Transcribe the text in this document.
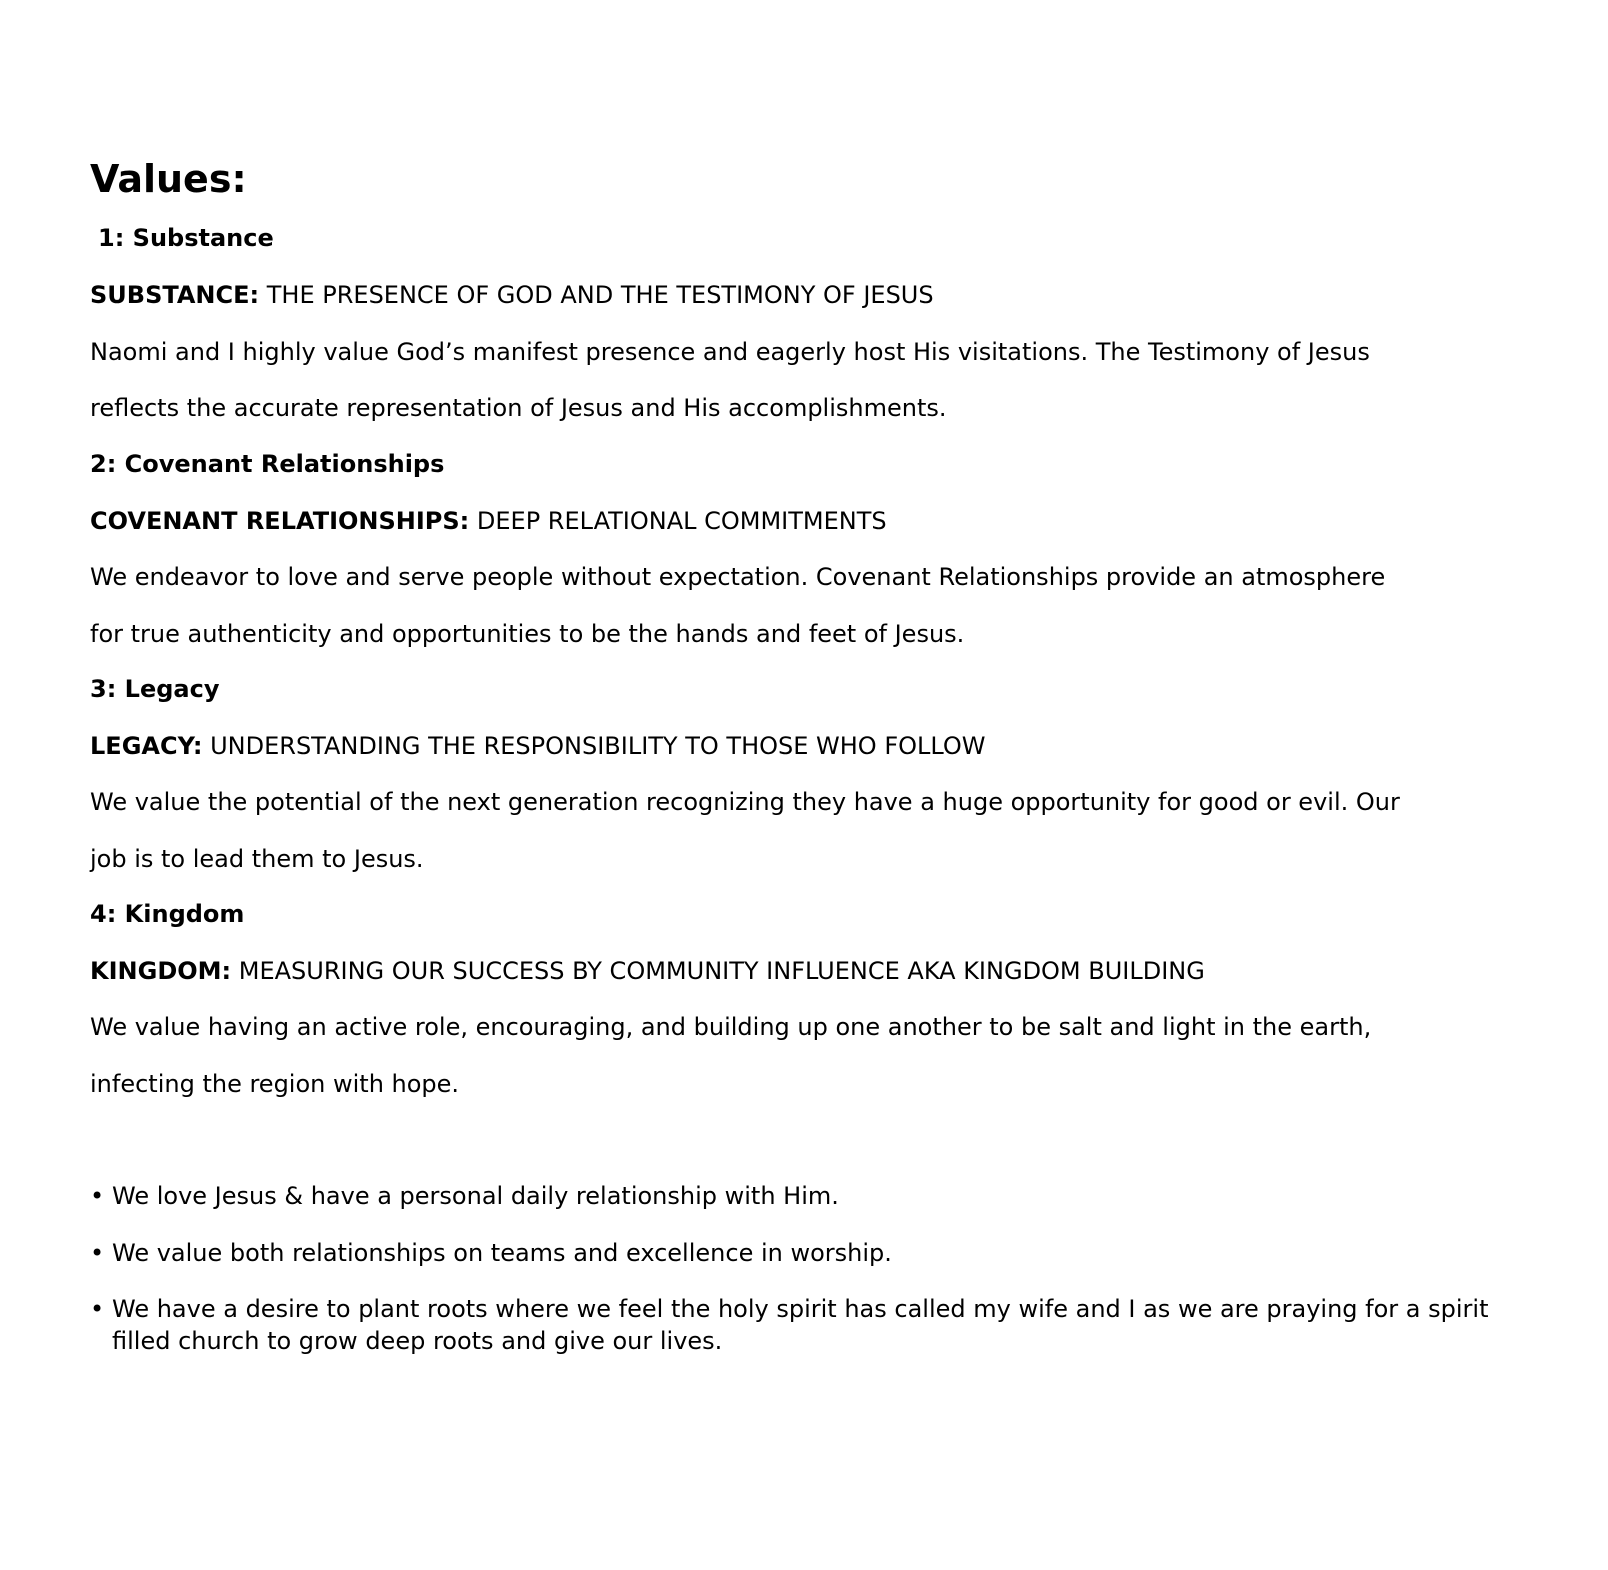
Values:

1: Substance

SUBSTANCE: THE PRESENCE OF GOD AND THE TESTIMONY OF JESUS

Naomi and I highly value God’s manifest presence and eagerly host His visitations. The Testimony of Jesus

reflects the accurate representation of Jesus and His accomplishments.

2: Covenant Relationships

COVENANT RELATIONSHIPS: DEEP RELATIONAL COMMITMENTS

We endeavor to love and serve people without expectation. Covenant Relationships provide an atmosphere

for true authenticity and opportunities to be the hands and feet of Jesus.

3: Legacy

LEGACY: UNDERSTANDING THE RESPONSIBILITY TO THOSE WHO FOLLOW

We value the potential of the next generation recognizing they have a huge opportunity for good or evil. Our

job is to lead them to Jesus.

4: Kingdom

KINGDOM: MEASURING OUR SUCCESS BY COMMUNITY INFLUENCE AKA KINGDOM BUILDING

We value having an active role, encouraging, and building up one another to be salt and light in the earth,

infecting the region with hope.

• We love Jesus & have a personal daily relationship with Him.
• We value both relationships on teams and excellence in worship.
• We have a desire to plant roots where we feel the holy spirit has called my wife and I as we are praying for a spirit filled church to grow deep roots and give our lives.
